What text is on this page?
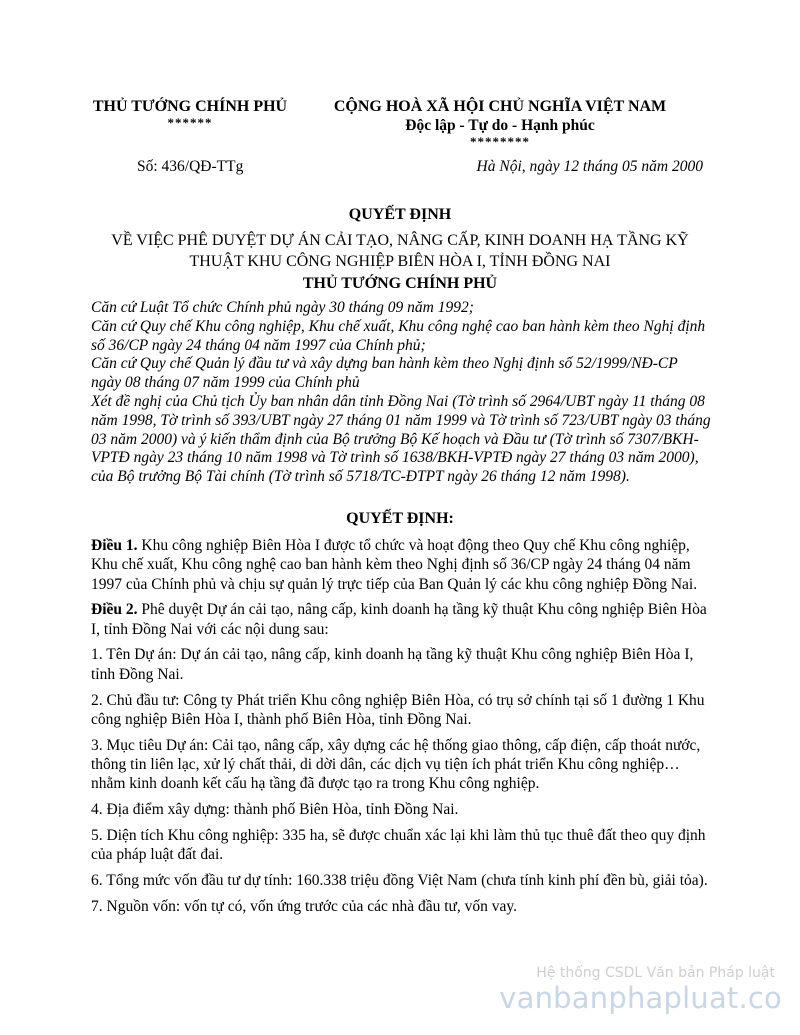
THỦ TƯỚNG CHÍNH PHỦ
******
CỘNG HOÀ XÃ HỘI CHỦ NGHĨA VIỆT NAM
Độc lập - Tự do - Hạnh phúc
********
Số: 436/QĐ-TTg	Hà Nội, ngày 12 tháng 05 năm 2000
QUYẾT ĐỊNH
VỀ VIỆC PHÊ DUYỆT DỰ ÁN CẢI TẠO, NÂNG CẤP, KINH DOANH HẠ TẦNG KỸ
THUẬT KHU CÔNG NGHIỆP BIÊN HÒA I, TỈNH ĐỒNG NAI
THỦ TƯỚNG CHÍNH PHỦ

Căn cứ Luật Tổ chức Chính phủ ngày 30 tháng 09 năm 1992;

Căn cứ Quy chế Khu công nghiệp, Khu chế xuất, Khu công nghệ cao ban hành kèm theo Nghị định số 36/CP ngày 24 tháng 04 năm 1997 của Chính phủ;

Căn cứ Quy chế Quản lý đầu tư và xây dựng ban hành kèm theo Nghị định số 52/1999/NĐ-CP ngày 08 tháng 07 năm 1999 của Chính phủ

Xét đề nghị của Chủ tịch Ủy ban nhân dân tỉnh Đồng Nai (Tờ trình số 2964/UBT ngày 11 tháng 08 năm 1998, Tờ trình số 393/UBT ngày 27 tháng 01 năm 1999 và Tờ trình số 723/UBT ngày 03 tháng 03 năm 2000) và ý kiến thẩm định của Bộ trưởng Bộ Kế hoạch và Đầu tư (Tờ trình số 7307/BKH-VPTĐ ngày 23 tháng 10 năm 1998 và Tờ trình số 1638/BKH-VPTĐ ngày 27 tháng 03 năm 2000), của Bộ trưởng Bộ Tài chính (Tờ trình số 5718/TC-ĐTPT ngày 26 tháng 12 năm 1998).

QUYẾT ĐỊNH:

Điều 1. Khu công nghiệp Biên Hòa I được tổ chức và hoạt động theo Quy chế Khu công nghiệp, Khu chế xuất, Khu công nghệ cao ban hành kèm theo Nghị định số 36/CP ngày 24 tháng 04 năm 1997 của Chính phủ và chịu sự quản lý trực tiếp của Ban Quản lý các khu công nghiệp Đồng Nai.

Điều 2. Phê duyệt Dự án cải tạo, nâng cấp, kinh doanh hạ tầng kỹ thuật Khu công nghiệp Biên Hòa I, tỉnh Đồng Nai với các nội dung sau:

1. Tên Dự án: Dự án cải tạo, nâng cấp, kinh doanh hạ tầng kỹ thuật Khu công nghiệp Biên Hòa I, tỉnh Đồng Nai.

2. Chủ đầu tư: Công ty Phát triển Khu công nghiệp Biên Hòa, có trụ sở chính tại số 1 đường 1 Khu công nghiệp Biên Hòa I, thành phố Biên Hòa, tỉnh Đồng Nai.

3. Mục tiêu Dự án: Cải tạo, nâng cấp, xây dựng các hệ thống giao thông, cấp điện, cấp thoát nước, thông tin liên lạc, xử lý chất thải, di dời dân, các dịch vụ tiện ích phát triển Khu công nghiệp… nhằm kinh doanh kết cấu hạ tầng đã được tạo ra trong Khu công nghiệp.

4. Địa điểm xây dựng: thành phố Biên Hòa, tỉnh Đồng Nai.

5. Diện tích Khu công nghiệp: 335 ha, sẽ được chuẩn xác lại khi làm thủ tục thuê đất theo quy định của pháp luật đất đai.

6. Tổng mức vốn đầu tư dự tính: 160.338 triệu đồng Việt Nam (chưa tính kinh phí đền bù, giải tỏa).

7. Nguồn vốn: vốn tự có, vốn ứng trước của các nhà đầu tư, vốn vay.

Hệ thống CSDL Văn bản Pháp luật
vanbanphapluat.co
